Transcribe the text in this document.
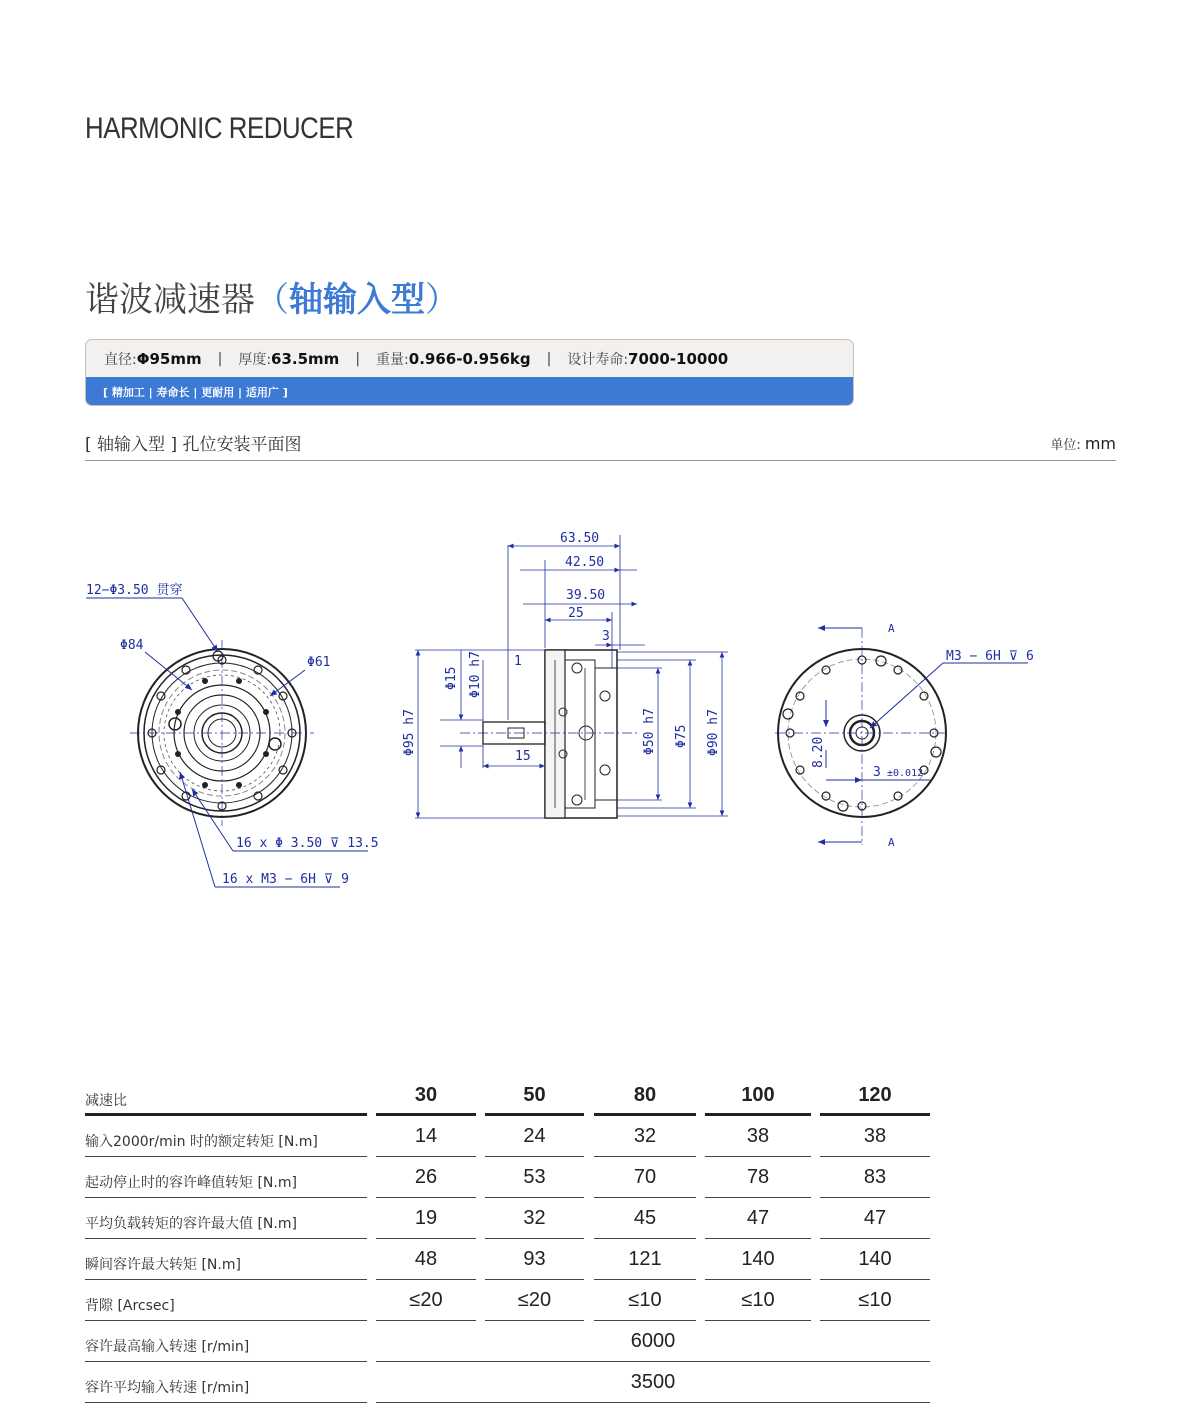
HARMONIC REDUCER
谐波减速器（轴输入型）
直径: Φ95mm | 厚度: 63.5mm | 重量: 0.966-0.956kg | 设计寿命: 7000-10000
[ 精加工 | 寿命长 | 更耐用 | 适用广 ]
[ 轴输入型 ] 孔位安装平面图	单位: mm
12−Φ3.50 贯穿
Φ84
Φ61
16 x Φ 3.50 ⊽ 13.5
16 x M3 − 6H ⊽ 9
63.50
42.50
39.50
25
3
1
15
Φ95 h7
Φ15 Φ10 h7
Φ50 h7 Φ75 Φ90 h7
A
A
M3 − 6H ⊽ 6
8.20
3 ±0.012
减速比	30	50	80	100	120
输入2000r/min 时的额定转矩 [N.m]	14	24	32	38	38
起动停止时的容许峰值转矩 [N.m]	26	53	70	78	83
平均负载转矩的容许最大值 [N.m]	19	32	45	47	47
瞬间容许最大转矩 [N.m]	48	93	121	140	140
背隙 [Arcsec]	≤20	≤20	≤10	≤10	≤10
容许最高输入转速 [r/min]	6000
容许平均输入转速 [r/min]	3500
